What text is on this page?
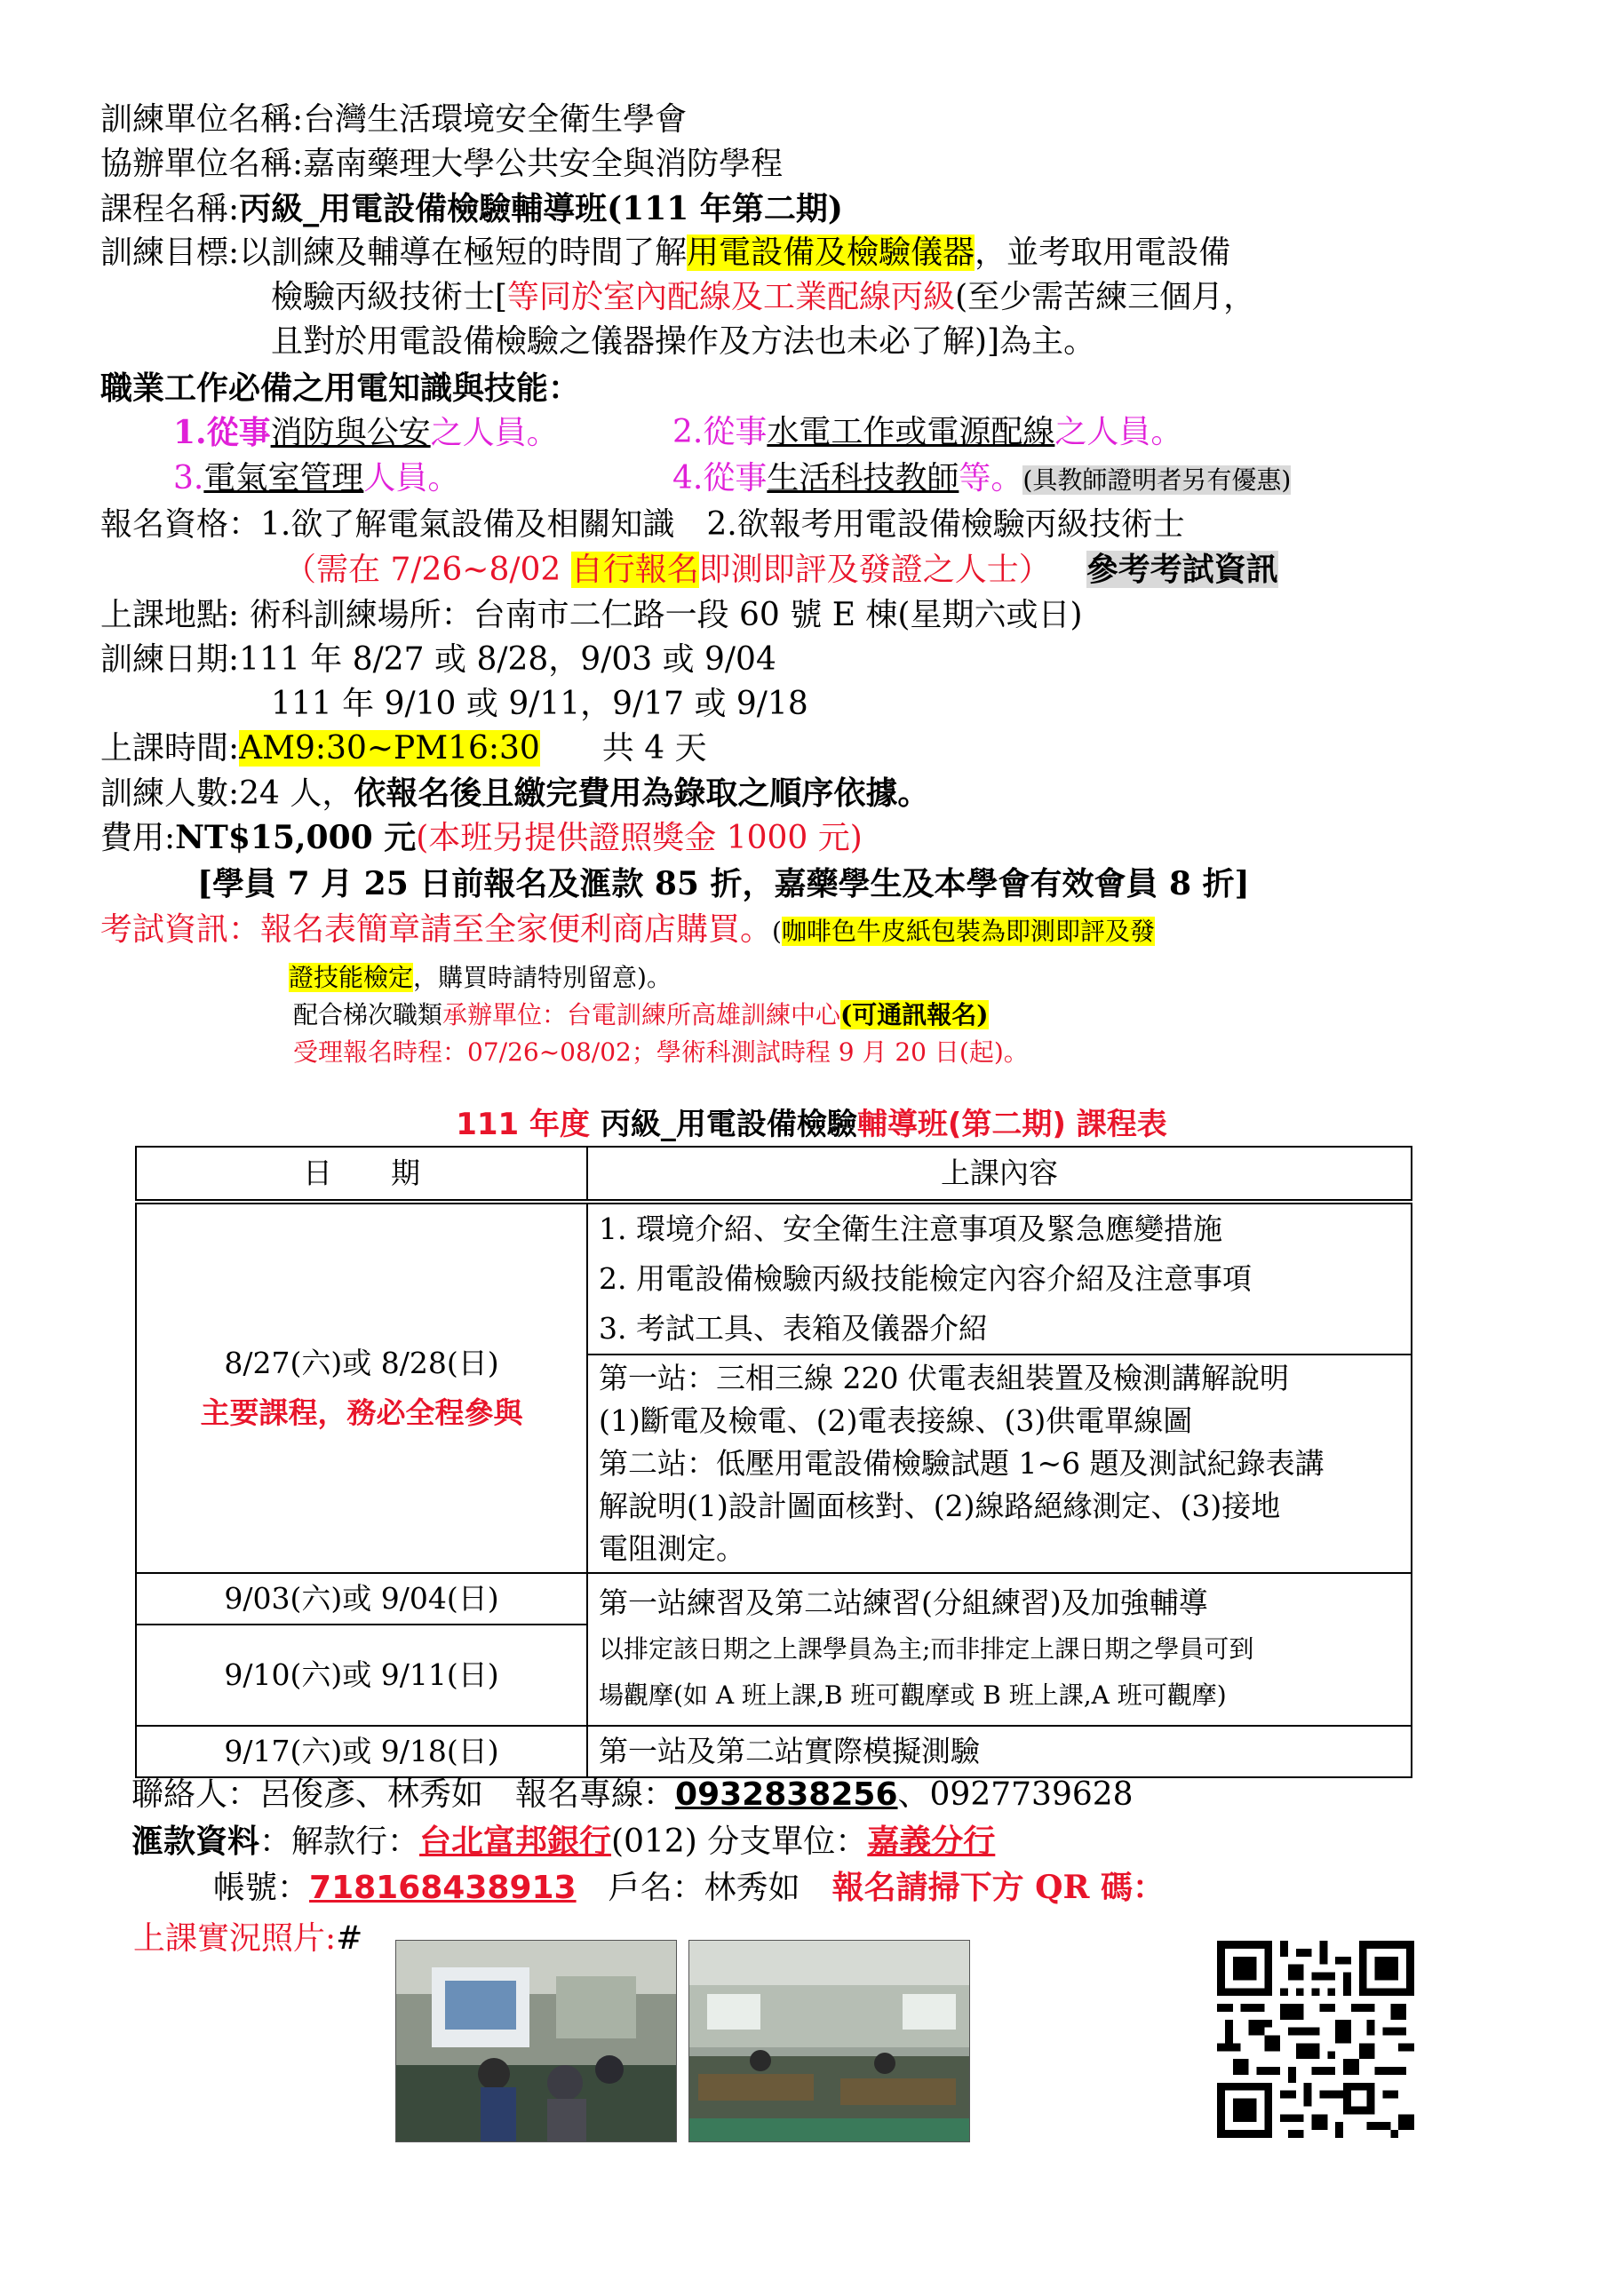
訓練單位名稱:台灣生活環境安全衛生學會
協辦單位名稱:嘉南藥理大學公共安全與消防學程
課程名稱:丙級_用電設備檢驗輔導班(111 年第二期)
訓練目標:以訓練及輔導在極短的時間了解用電設備及檢驗儀器，並考取用電設備
檢驗丙級技術士[等同於室內配線及工業配線丙級(至少需苦練三個月，
且對於用電設備檢驗之儀器操作及方法也未必了解)]為主。
職業工作必備之用電知識與技能：
1.從事消防與公安之人員。	2.從事水電工作或電源配線之人員。
3.電氣室管理人員。	4.從事生活科技教師等。(具教師證明者另有優惠)
報名資格：1.欲了解電氣設備及相關知識　2.欲報考用電設備檢驗丙級技術士
（需在 7/26~8/02 自行報名即測即評及發證之人士） 參考考試資訊
上課地點: 術科訓練場所：台南市二仁路一段 60 號 E 棟(星期六或日)
訓練日期:111 年 8/27 或 8/28，9/03 或 9/04
111 年 9/10 或 9/11，9/17 或 9/18
上課時間:AM9:30~PM16:30 共 4 天
訓練人數:24 人，依報名後且繳完費用為錄取之順序依據。
費用:NT$15,000 元(本班另提供證照獎金 1000 元)
[學員 7 月 25 日前報名及滙款 85 折，嘉藥學生及本學會有效會員 8 折]
考試資訊：報名表簡章請至全家便利商店購買。(咖啡色牛皮紙包裝為即測即評及發
證技能檢定，購買時請特別留意)。
配合梯次職類承辦單位：台電訓練所高雄訓練中心(可通訊報名)
受理報名時程：07/26~08/02；學術科測試時程 9 月 20 日(起)。
111 年度 丙級_用電設備檢驗輔導班(第二期) 課程表
日　　期	上課內容

8/27(六)或 8/28(日)
主要課程，務必全程參與	1. 環境介紹、安全衛生注意事項及緊急應變措施
2. 用電設備檢驗丙級技能檢定內容介紹及注意事項
3. 考試工具、表箱及儀器介紹

	第一站：三相三線 220 伏電表組裝置及檢測講解說明
(1)斷電及檢電、(2)電表接線、(3)供電單線圖
第二站：低壓用電設備檢驗試題 1~6 題及測試紀錄表講
解說明(1)設計圖面核對、(2)線路絕緣測定、(3)接地
電阻測定。

9/03(六)或 9/04(日)	第一站練習及第二站練習(分組練習)及加強輔導
以排定該日期之上課學員為主;而非排定上課日期之學員可到
場觀摩(如 A 班上課,B 班可觀摩或 B 班上課,A 班可觀摩)

9/10(六)或 9/11(日)	
9/17(六)或 9/18(日)	第一站及第二站實際模擬測驗
聯絡人：呂俊彥、林秀如　報名專線：0932838256、0927739628
滙款資料：解款行：台北富邦銀行(012) 分支單位：嘉義分行
帳號：718168438913　戶名：林秀如　報名請掃下方 QR 碼：
上課實況照片:#
